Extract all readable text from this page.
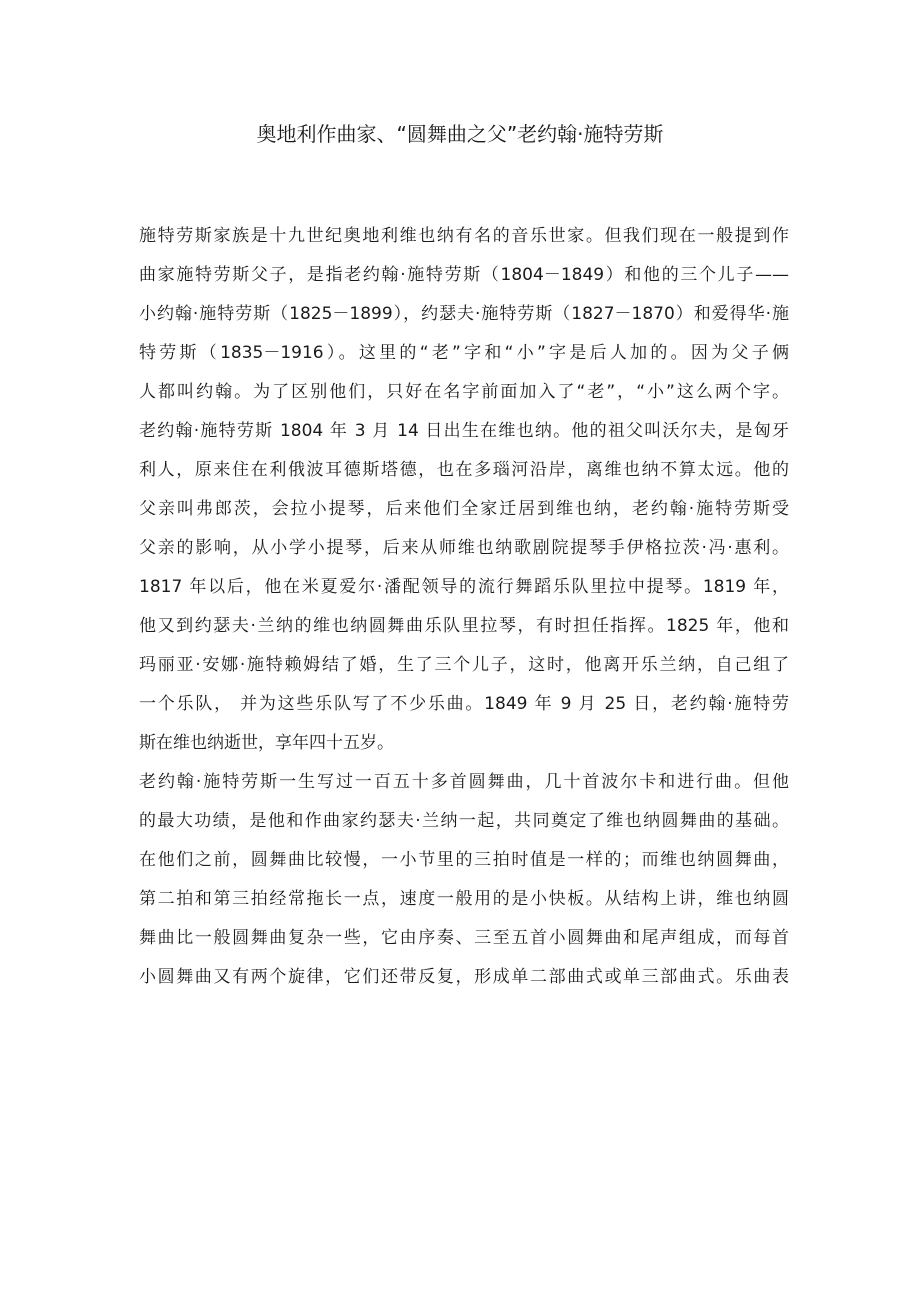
奥地利作曲家、“圆舞曲之父”老约翰·施特劳斯
施特劳斯家族是十九世纪奥地利维也纳有名的音乐世家。但我们现在一般提到作
曲家施特劳斯父子，是指老约翰·施特劳斯（1804－1849）和他的三个儿子——
小约翰·施特劳斯（1825－1899），约瑟夫·施特劳斯（1827－1870）和爱得华·施
特劳斯（1835－1916）。这里的“老”字和“小”字是后人加的。因为父子俩
人都叫约翰。为了区别他们，只好在名字前面加入了“老”，“小”这么两个字。
老约翰·施特劳斯 1804 年 3 月 14 日出生在维也纳。他的祖父叫沃尔夫，是匈牙
利人，原来住在利俄波耳德斯塔德，也在多瑙河沿岸，离维也纳不算太远。他的
父亲叫弗郎茨，会拉小提琴，后来他们全家迁居到维也纳，老约翰·施特劳斯受
父亲的影响，从小学小提琴，后来从师维也纳歌剧院提琴手伊格拉茨·冯·惠利。
1817 年以后，他在米夏爱尔·潘配领导的流行舞蹈乐队里拉中提琴。1819 年，
他又到约瑟夫·兰纳的维也纳圆舞曲乐队里拉琴，有时担任指挥。1825 年，他和
玛丽亚·安娜·施特赖姆结了婚，生了三个儿子，这时，他离开乐兰纳，自己组了
一个乐队， 并为这些乐队写了不少乐曲。1849 年 9 月 25 日，老约翰·施特劳
斯在维也纳逝世，享年四十五岁。
老约翰·施特劳斯一生写过一百五十多首圆舞曲，几十首波尔卡和进行曲。但他
的最大功绩，是他和作曲家约瑟夫·兰纳一起，共同奠定了维也纳圆舞曲的基础。
在他们之前，圆舞曲比较慢，一小节里的三拍时值是一样的；而维也纳圆舞曲，
第二拍和第三拍经常拖长一点，速度一般用的是小快板。从结构上讲，维也纳圆
舞曲比一般圆舞曲复杂一些，它由序奏、三至五首小圆舞曲和尾声组成，而每首
小圆舞曲又有两个旋律，它们还带反复，形成单二部曲式或单三部曲式。乐曲表
